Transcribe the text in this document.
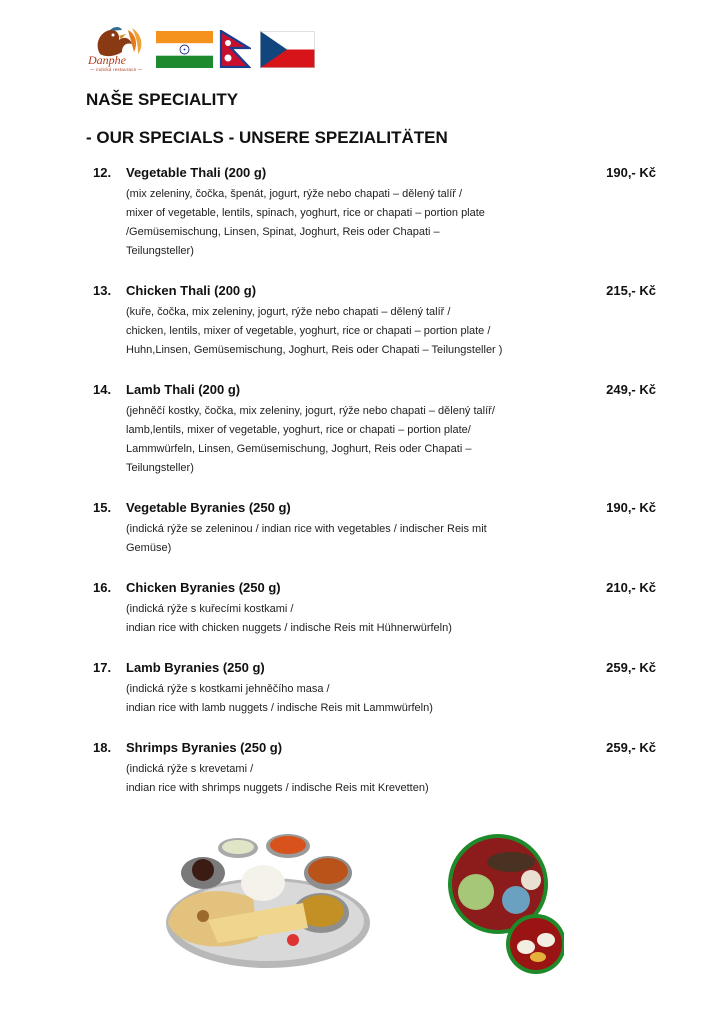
Danphe
— indická restaurace —
NAŠE SPECIALITY
- OUR SPECIALS - UNSERE SPEZIALITÄTEN
12. Vegetable Thali (200 g)	190,- Kč
(mix zeleniny, čočka, špenát, jogurt, rýže nebo chapati – dělený talíř /
mixer of vegetable, lentils, spinach, yoghurt, rice or chapati – portion plate
/Gemüsemischung, Linsen, Spinat, Joghurt, Reis oder Chapati –
Teilungsteller)
13. Chicken Thali (200 g)	215,- Kč
(kuře, čočka, mix zeleniny, jogurt, rýže nebo chapati – dělený talíř /
chicken, lentils, mixer of vegetable, yoghurt, rice or chapati – portion plate /
Huhn,Linsen, Gemüsemischung, Joghurt, Reis oder Chapati – Teilungsteller )
14. Lamb Thali (200 g)	249,- Kč
(jehněčí kostky, čočka, mix zeleniny, jogurt, rýže nebo chapati – dělený talíř/
lamb,lentils, mixer of vegetable, yoghurt, rice or chapati – portion plate/
Lammwürfeln, Linsen, Gemüsemischung, Joghurt, Reis oder Chapati –
Teilungsteller)
15. Vegetable Byranies (250 g)	190,- Kč
(indická rýže se zeleninou / indian rice with vegetables / indischer Reis mit
Gemüse)
16. Chicken Byranies (250 g)	210,- Kč
(indická rýže s kuřecími kostkami /
indian rice with chicken nuggets / indische Reis mit Hühnerwürfeln)
17. Lamb Byranies (250 g)	259,- Kč
(indická rýže s kostkami jehněčího masa /
indian rice with lamb nuggets / indische Reis mit Lammwürfeln)
18. Shrimps Byranies (250 g)	259,- Kč
(indická rýže s krevetami /
indian rice with shrimps nuggets / indische Reis mit Krevetten)
